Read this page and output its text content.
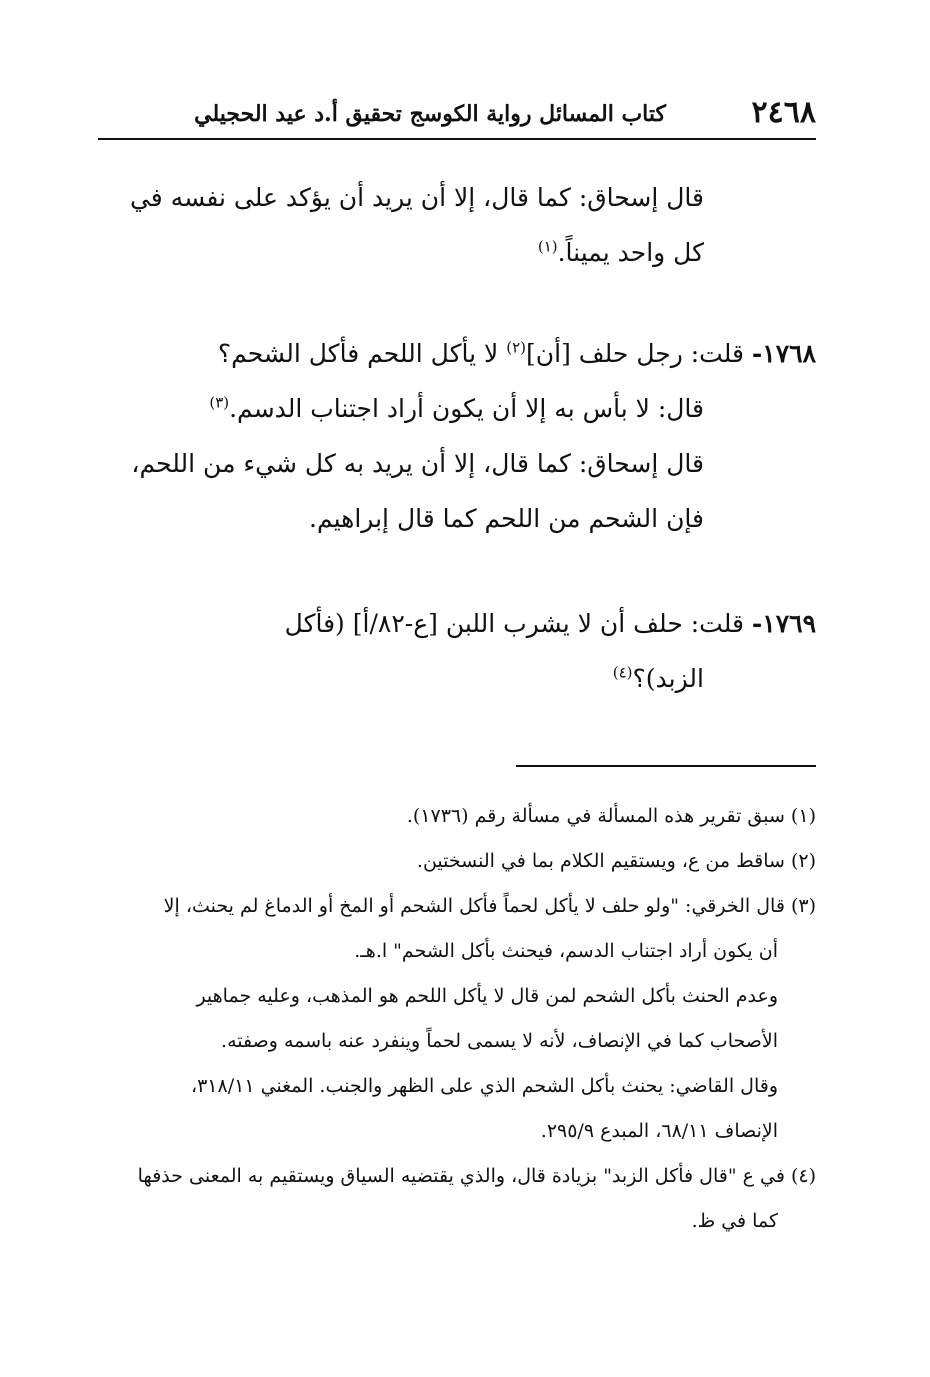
٢٤٦٨
كتاب المسائل رواية الكوسج تحقيق أ.د عيد الحجيلي
قال إسحاق: كما قال، إلا أن يريد أن يؤكد على نفسه في
كل واحد يميناً.$^{(١)}$
١٧٦٨- قلت: رجل حلف [أن]$^{(٢)}$ لا يأكل اللحم فأكل الشحم؟
قال: لا بأس به إلا أن يكون أراد اجتناب الدسم.$^{(٣)}$
قال إسحاق: كما قال، إلا أن يريد به كل شيء من اللحم،
فإن الشحم من اللحم كما قال إبراهيم.
١٧٦٩- قلت: حلف أن لا يشرب اللبن [ع-٨٢/أ] (فأكل
الزبد)؟$^{(٤)}$
(١) سبق تقرير هذه المسألة في مسألة رقم (١٧٣٦).
(٢) ساقط من ع، ويستقيم الكلام بما في النسختين.
(٣) قال الخرقي: "ولو حلف لا يأكل لحماً فأكل الشحم أو المخ أو الدماغ لم يحنث، إلا
أن يكون أراد اجتناب الدسم، فيحنث بأكل الشحم" ا.هـ.
وعدم الحنث بأكل الشحم لمن قال لا يأكل اللحم هو المذهب، وعليه جماهير
الأصحاب كما في الإنصاف، لأنه لا يسمى لحماً وينفرد عنه باسمه وصفته.
وقال القاضي: يحنث بأكل الشحم الذي على الظهر والجنب. المغني ٣١٨/١١،
الإنصاف ٦٨/١١، المبدع ٢٩٥/٩.
(٤) في ع "قال فأكل الزبد" بزيادة قال، والذي يقتضيه السياق ويستقيم به المعنى حذفها
كما في ظ.
